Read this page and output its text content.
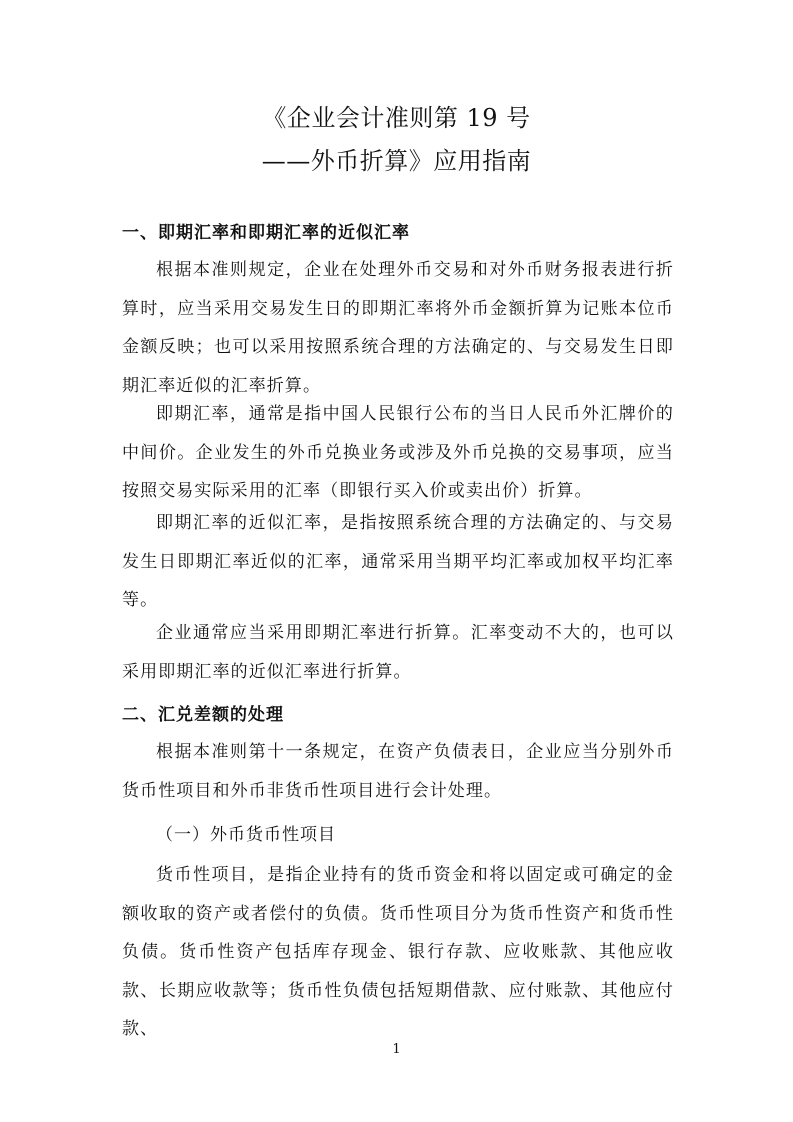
《企业会计准则第 19 号
——外币折算》应用指南
一、即期汇率和即期汇率的近似汇率

根据本准则规定，企业在处理外币交易和对外币财务报表进行折算时，应当采用交易发生日的即期汇率将外币金额折算为记账本位币金额反映；也可以采用按照系统合理的方法确定的、与交易发生日即期汇率近似的汇率折算。

即期汇率，通常是指中国人民银行公布的当日人民币外汇牌价的中间价。企业发生的外币兑换业务或涉及外币兑换的交易事项，应当按照交易实际采用的汇率（即银行买入价或卖出价）折算。

即期汇率的近似汇率，是指按照系统合理的方法确定的、与交易发生日即期汇率近似的汇率，通常采用当期平均汇率或加权平均汇率等。

企业通常应当采用即期汇率进行折算。汇率变动不大的，也可以采用即期汇率的近似汇率进行折算。

二、汇兑差额的处理

根据本准则第十一条规定，在资产负债表日，企业应当分别外币货币性项目和外币非货币性项目进行会计处理。

（一）外币货币性项目

货币性项目，是指企业持有的货币资金和将以固定或可确定的金额收取的资产或者偿付的负债。货币性项目分为货币性资产和货币性负债。货币性资产包括库存现金、银行存款、应收账款、其他应收款、长期应收款等；货币性负债包括短期借款、应付账款、其他应付款、

1
